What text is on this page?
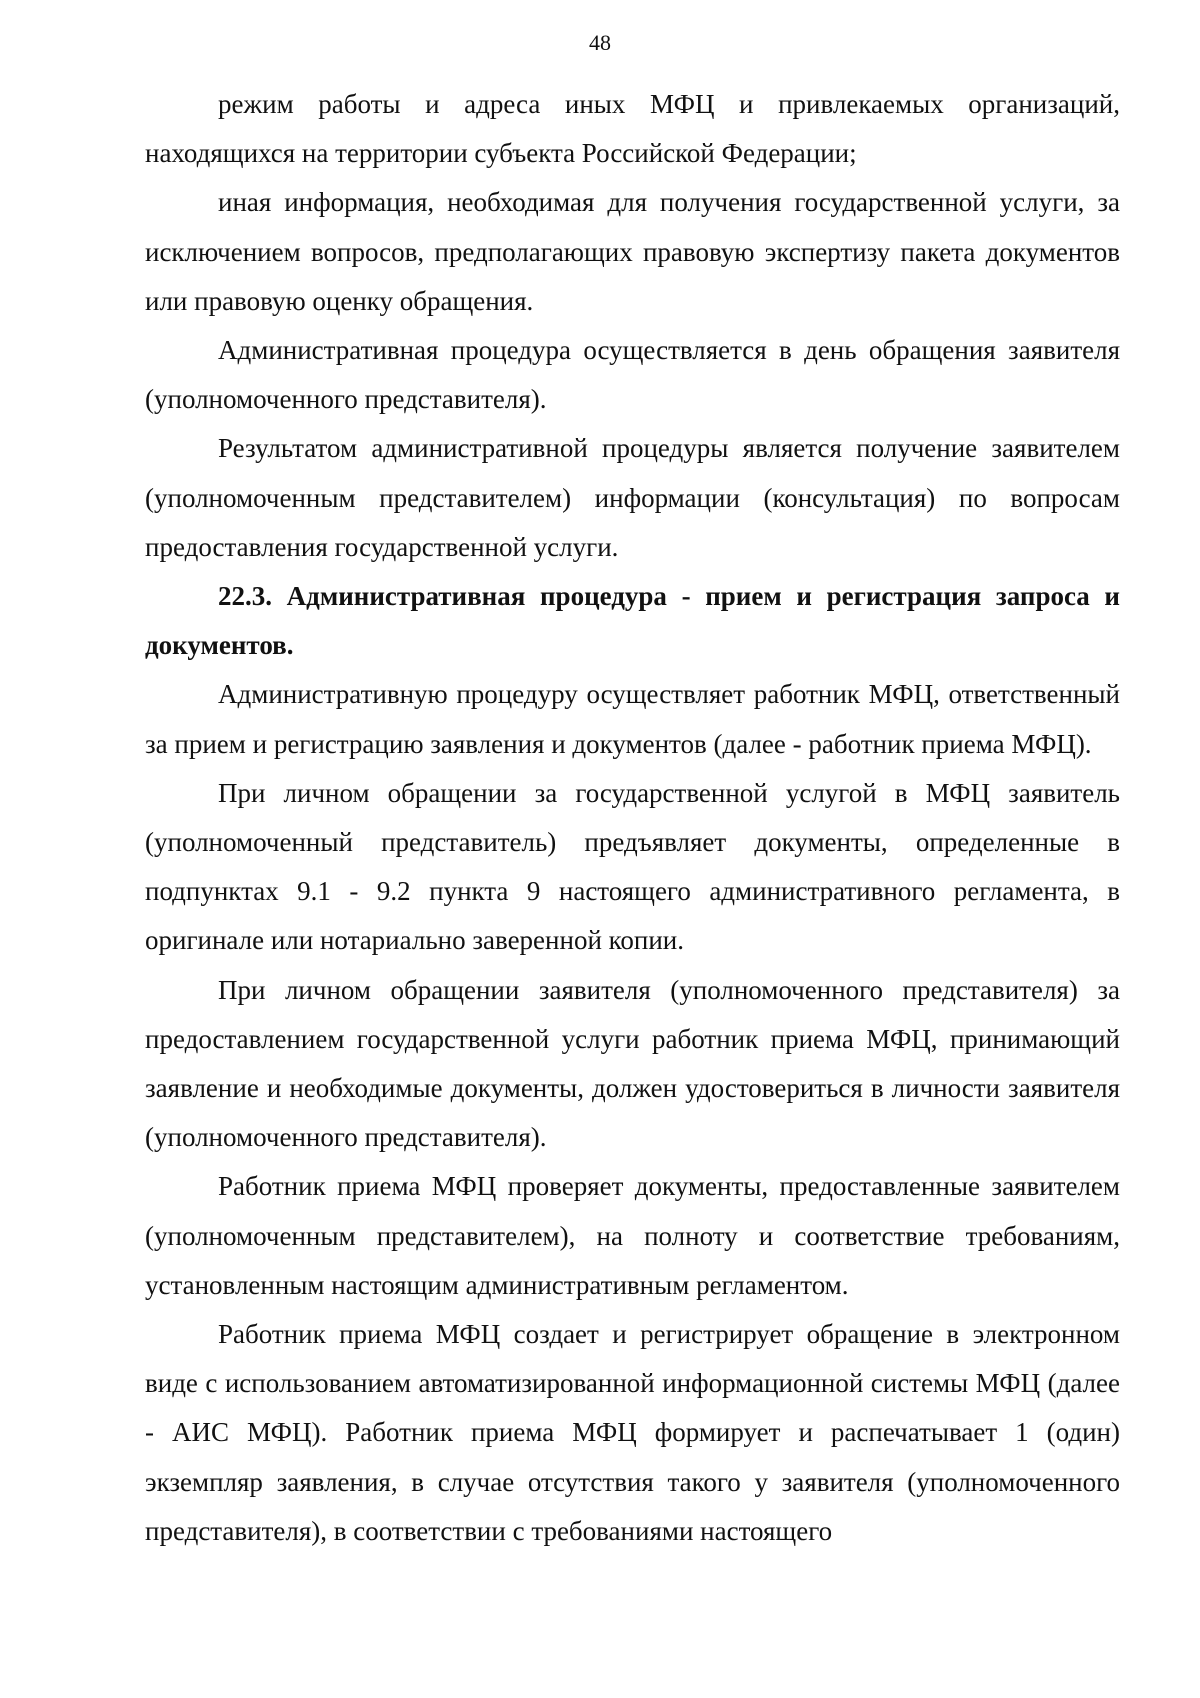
48

режим работы и адреса иных МФЦ и привлекаемых организаций, находящихся на территории субъекта Российской Федерации;

иная информация, необходимая для получения государственной услуги, за исключением вопросов, предполагающих правовую экспертизу пакета документов или правовую оценку обращения.

Административная процедура осуществляется в день обращения заявителя (уполномоченного представителя).

Результатом административной процедуры является получение заявителем (уполномоченным представителем) информации (консультация) по вопросам предоставления государственной услуги.

22.3. Административная процедура - прием и регистрация запроса и документов.

Административную процедуру осуществляет работник МФЦ, ответственный за прием и регистрацию заявления и документов (далее - работник приема МФЦ).

При личном обращении за государственной услугой в МФЦ заявитель (уполномоченный представитель) предъявляет документы, определенные в подпунктах 9.1 - 9.2 пункта 9 настоящего административного регламента, в оригинале или нотариально заверенной копии.

При личном обращении заявителя (уполномоченного представителя) за предоставлением государственной услуги работник приема МФЦ, принимающий заявление и необходимые документы, должен удостовериться в личности заявителя (уполномоченного представителя).

Работник приема МФЦ проверяет документы, предоставленные заявителем (уполномоченным представителем), на полноту и соответствие требованиям, установленным настоящим административным регламентом.

Работник приема МФЦ создает и регистрирует обращение в электронном виде с использованием автоматизированной информационной системы МФЦ (далее - АИС МФЦ). Работник приема МФЦ формирует и распечатывает 1 (один) экземпляр заявления, в случае отсутствия такого у заявителя (уполномоченного представителя), в соответствии с требованиями настоящего
